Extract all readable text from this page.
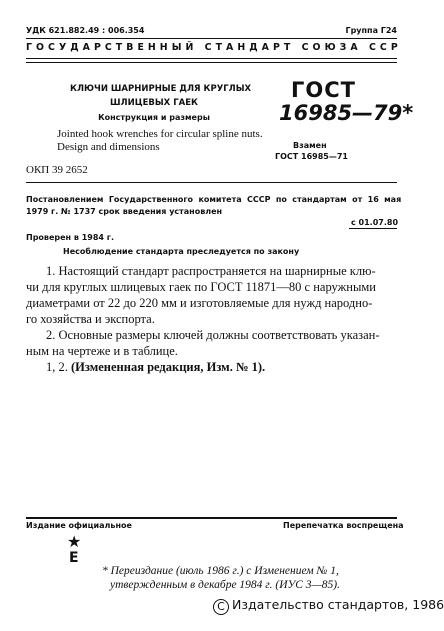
УДК 621.882.49 : 006.354	Группа Г24
ГОСУДАРСТВЕННЫЙ СТАНДАРТ СОЮЗА ССР
КЛЮЧИ ШАРНИРНЫЕ ДЛЯ КРУГЛЫХ
ШЛИЦЕВЫХ ГАЕК
Конструкция и размеры
Jointed hook wrenches for circular spline nuts.
Design and dimensions
ГОСТ
16985—79*
Взамен
ГОСТ 16985—71
ОКП 39 2652
Постановлением Государственного комитета СССР по стандартам от 16 мая
1979 г. № 1737 срок введения установлен
с 01.07.80
Проверен в 1984 г.
Несоблюдение стандарта преследуется по закону
1. Настоящий стандарт распространяется на шарнирные клю-
чи для круглых шлицевых гаек по ГОСТ 11871—80 с наружными
диаметрами от 22 до 220 мм и изготовляемые для нужд народно-
го хозяйства и экспорта.
2. Основные размеры ключей должны соответствовать указан-
ным на чертеже и в таблице.
1, 2. (Измененная редакция, Изм. № 1).
Издание официальное	Перепечатка воспрещена
★
Е
* Переиздание (июль 1986 г.) с Изменением № 1,
утвержденным в декабре 1984 г. (ИУС 3—85).
C Издательство стандартов, 1986
